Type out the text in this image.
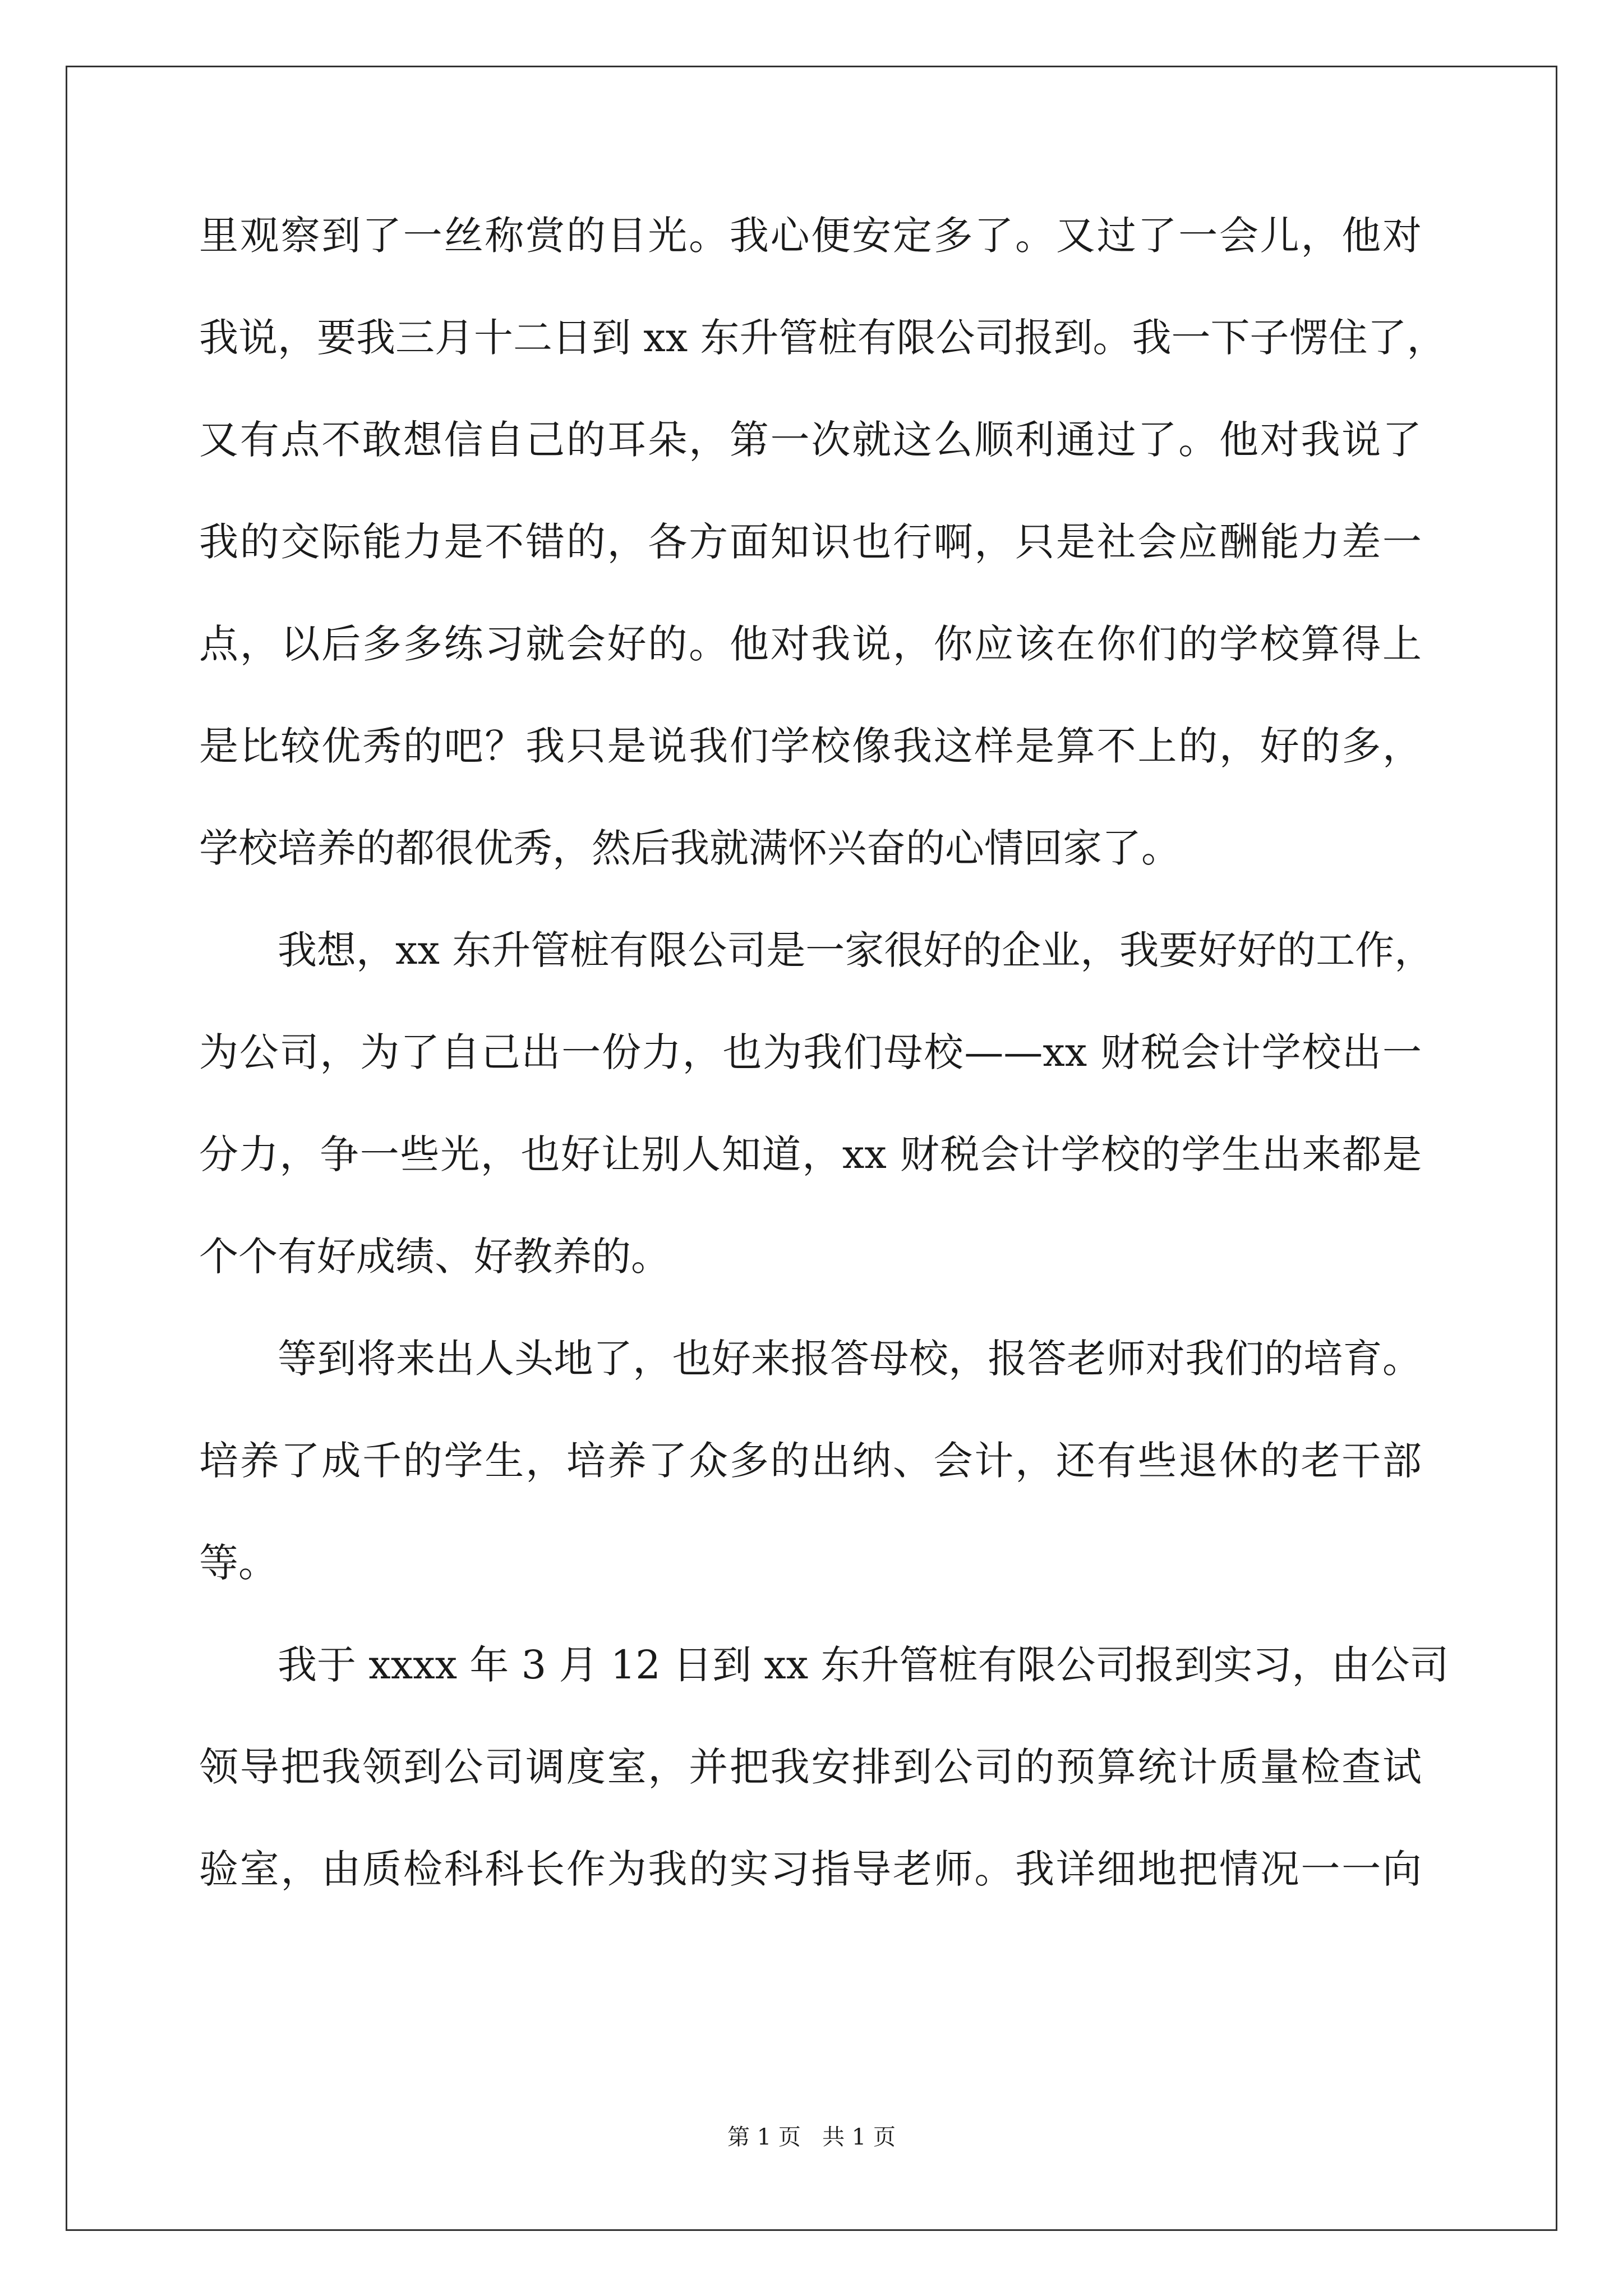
里观察到了一丝称赏的目光。我心便安定多了。又过了一会儿，他对
我说，要我三月十二日到 xx 东升管桩有限公司报到。我一下子愣住了，
又有点不敢想信自己的耳朵，第一次就这么顺利通过了。他对我说了
我的交际能力是不错的，各方面知识也行啊，只是社会应酬能力差一
点，以后多多练习就会好的。他对我说，你应该在你们的学校算得上
是比较优秀的吧？我只是说我们学校像我这样是算不上的，好的多，
学校培养的都很优秀，然后我就满怀兴奋的心情回家了。
我想，xx 东升管桩有限公司是一家很好的企业，我要好好的工作，
为公司，为了自己出一份力，也为我们母校——xx 财税会计学校出一
分力，争一些光，也好让别人知道，xx 财税会计学校的学生出来都是
个个有好成绩、好教养的。
等到将来出人头地了，也好来报答母校，报答老师对我们的培育。
培养了成千的学生，培养了众多的出纳、会计，还有些退休的老干部
等。
我于 xxxx 年 3 月 12 日到 xx 东升管桩有限公司报到实习，由公司
领导把我领到公司调度室，并把我安排到公司的预算统计质量检查试
验室，由质检科科长作为我的实习指导老师。我详细地把情况一一向
第 1 页   共 1 页
